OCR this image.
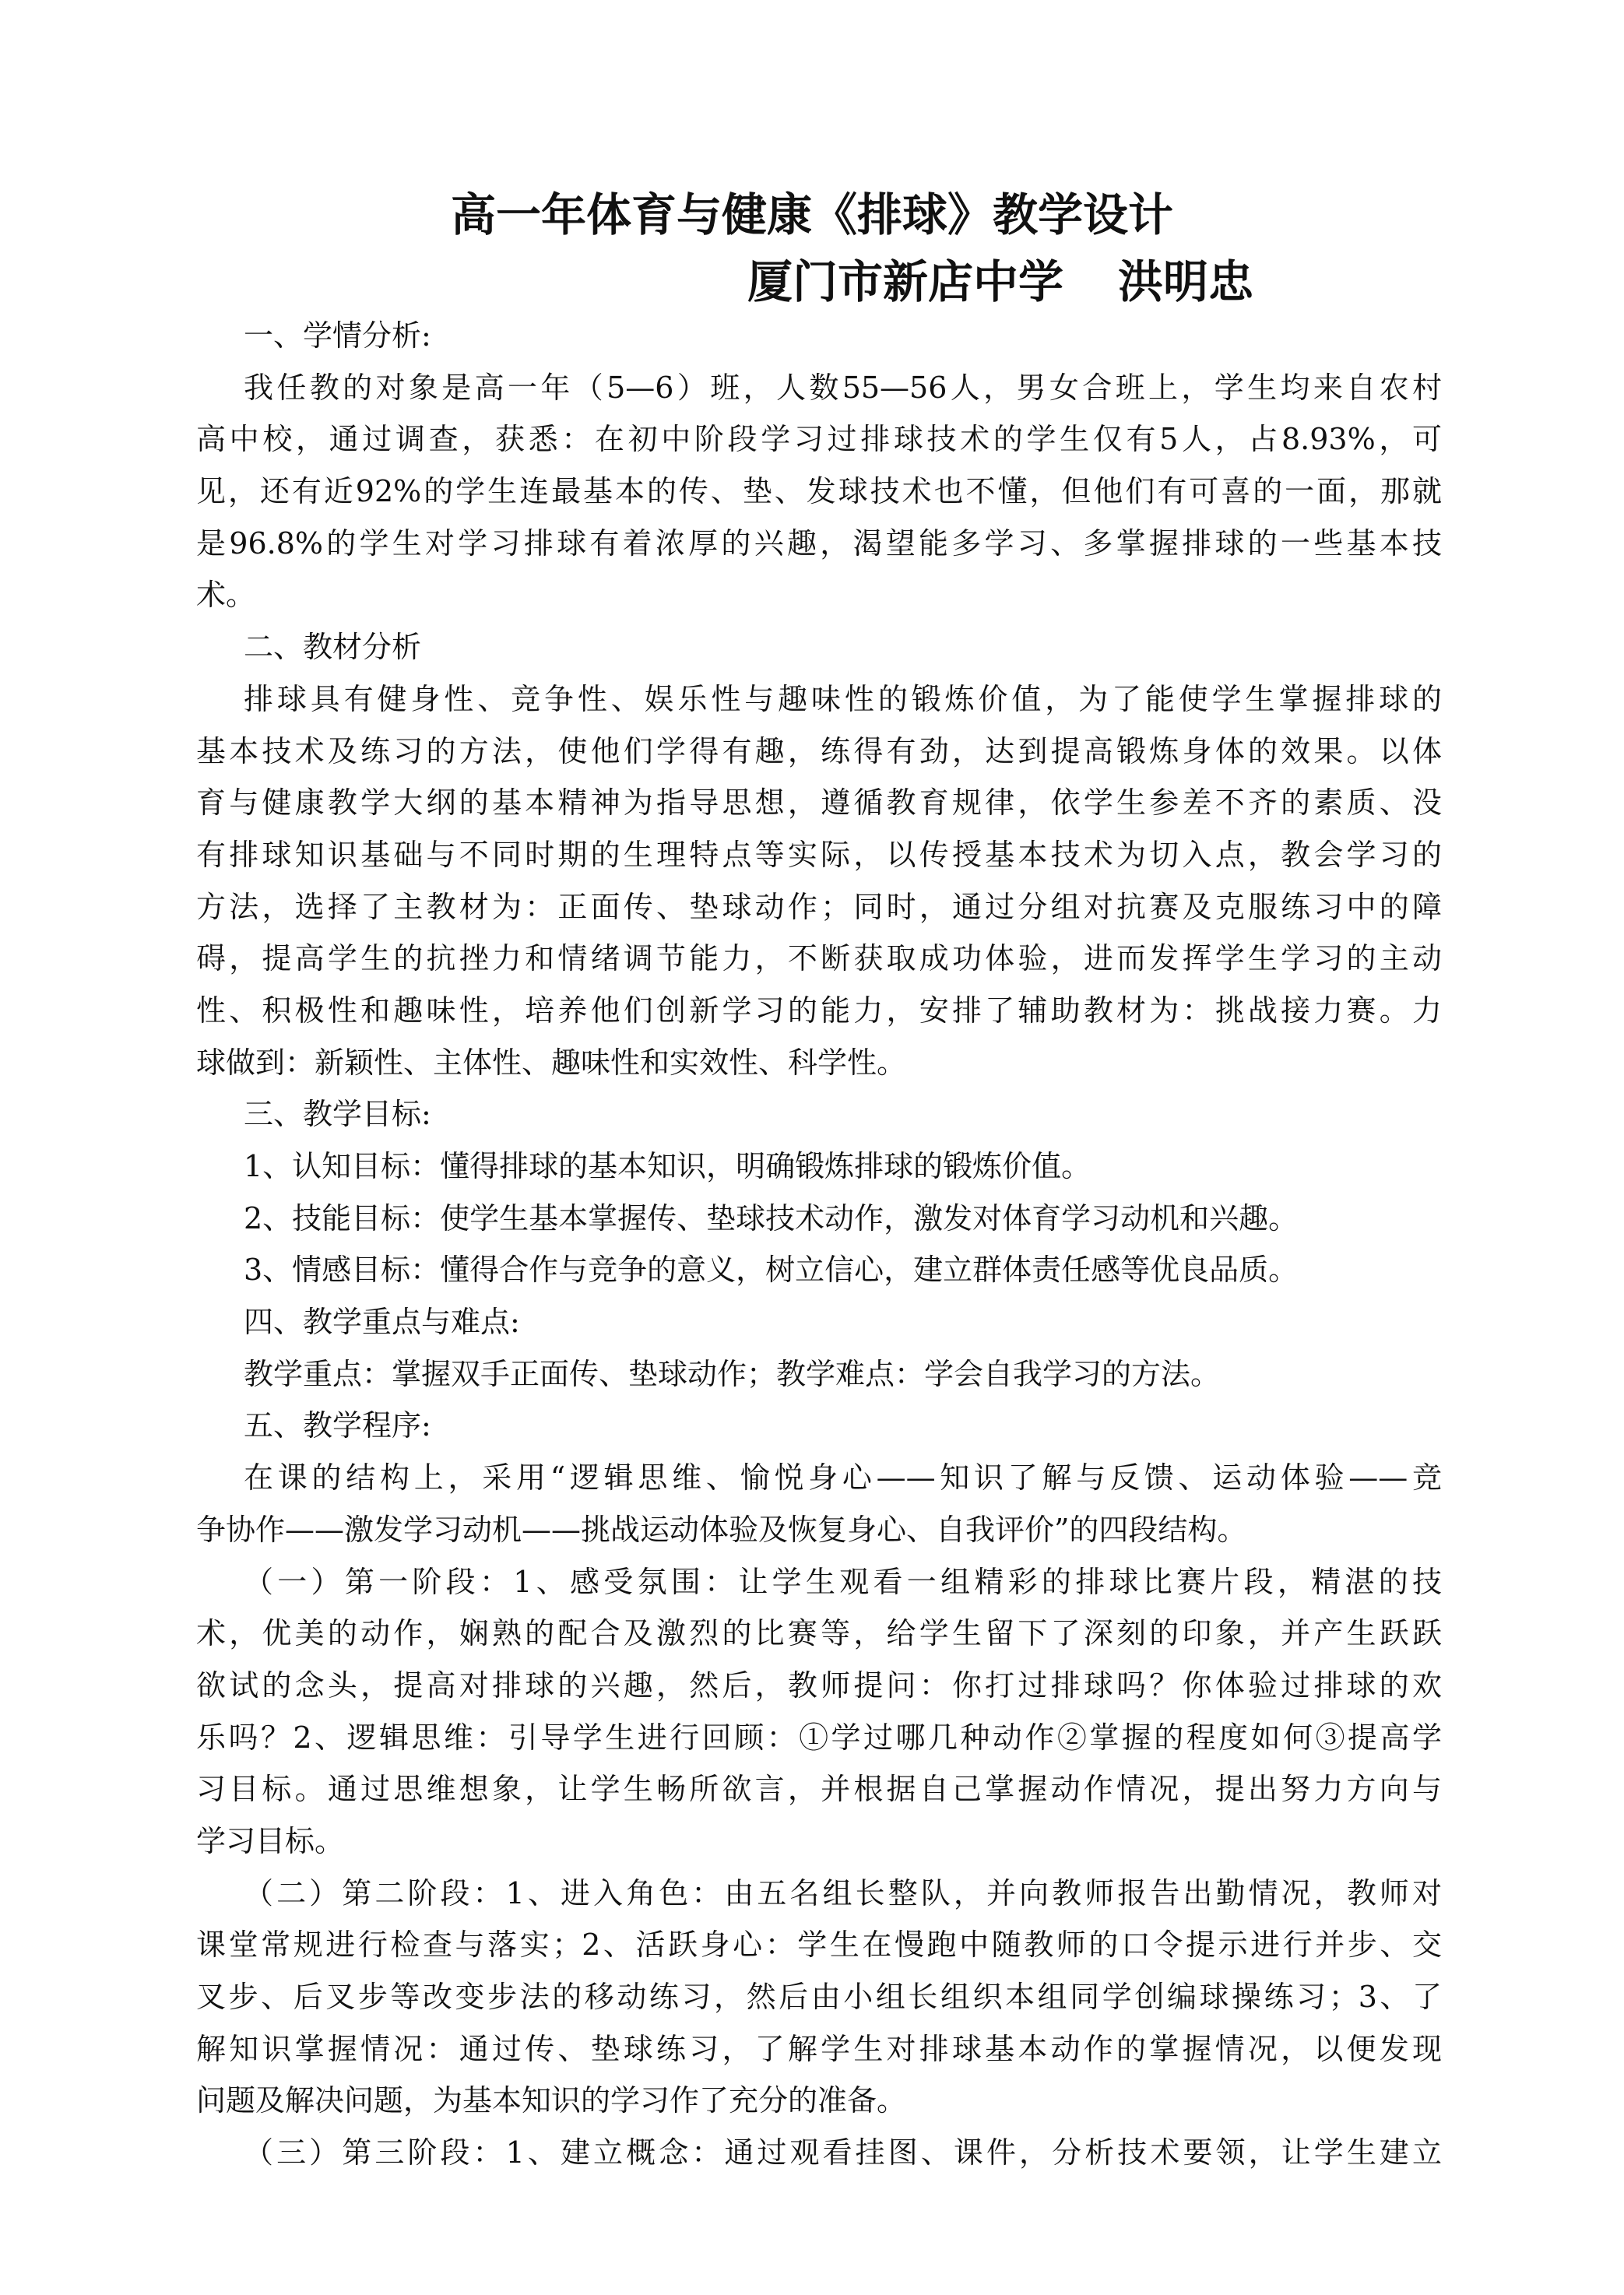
高一年体育与健康《排球》教学设计
厦门市新店中学 洪明忠
一、学情分析:
我任教的对象是高一年（5—6）班，人数55—56人，男女合班上，学生均来自农村
高中校，通过调查，获悉：在初中阶段学习过排球技术的学生仅有5人，占8.93%，可
见，还有近92%的学生连最基本的传、垫、发球技术也不懂，但他们有可喜的一面，那就
是96.8%的学生对学习排球有着浓厚的兴趣，渴望能多学习、多掌握排球的一些基本技
术。
二、教材分析
排球具有健身性、竞争性、娱乐性与趣味性的锻炼价值，为了能使学生掌握排球的
基本技术及练习的方法，使他们学得有趣，练得有劲，达到提高锻炼身体的效果。以体
育与健康教学大纲的基本精神为指导思想，遵循教育规律，依学生参差不齐的素质、没
有排球知识基础与不同时期的生理特点等实际，以传授基本技术为切入点，教会学习的
方法，选择了主教材为：正面传、垫球动作；同时，通过分组对抗赛及克服练习中的障
碍，提高学生的抗挫力和情绪调节能力，不断获取成功体验，进而发挥学生学习的主动
性、积极性和趣味性，培养他们创新学习的能力，安排了辅助教材为：挑战接力赛。力
球做到：新颖性、主体性、趣味性和实效性、科学性。
三、教学目标:
1、认知目标：懂得排球的基本知识，明确锻炼排球的锻炼价值。
2、技能目标：使学生基本掌握传、垫球技术动作，激发对体育学习动机和兴趣。
3、情感目标：懂得合作与竞争的意义，树立信心，建立群体责任感等优良品质。
四、教学重点与难点:
教学重点：掌握双手正面传、垫球动作；教学难点：学会自我学习的方法。
五、教学程序:
在课的结构上，采用“逻辑思维、愉悦身心——知识了解与反馈、运动体验——竞
争协作——激发学习动机——挑战运动体验及恢复身心、自我评价”的四段结构。
（一）第一阶段：1、感受氛围：让学生观看一组精彩的排球比赛片段，精湛的技
术，优美的动作，娴熟的配合及激烈的比赛等，给学生留下了深刻的印象，并产生跃跃
欲试的念头，提高对排球的兴趣，然后，教师提问：你打过排球吗？你体验过排球的欢
乐吗？2、逻辑思维：引导学生进行回顾：①学过哪几种动作②掌握的程度如何③提高学
习目标。通过思维想象，让学生畅所欲言，并根据自己掌握动作情况，提出努力方向与
学习目标。
（二）第二阶段：1、进入角色：由五名组长整队，并向教师报告出勤情况，教师对
课堂常规进行检查与落实；2、活跃身心：学生在慢跑中随教师的口令提示进行并步、交
叉步、后叉步等改变步法的移动练习，然后由小组长组织本组同学创编球操练习；3、了
解知识掌握情况：通过传、垫球练习，了解学生对排球基本动作的掌握情况，以便发现
问题及解决问题，为基本知识的学习作了充分的准备。
（三）第三阶段：1、建立概念：通过观看挂图、课件，分析技术要领，让学生建立
